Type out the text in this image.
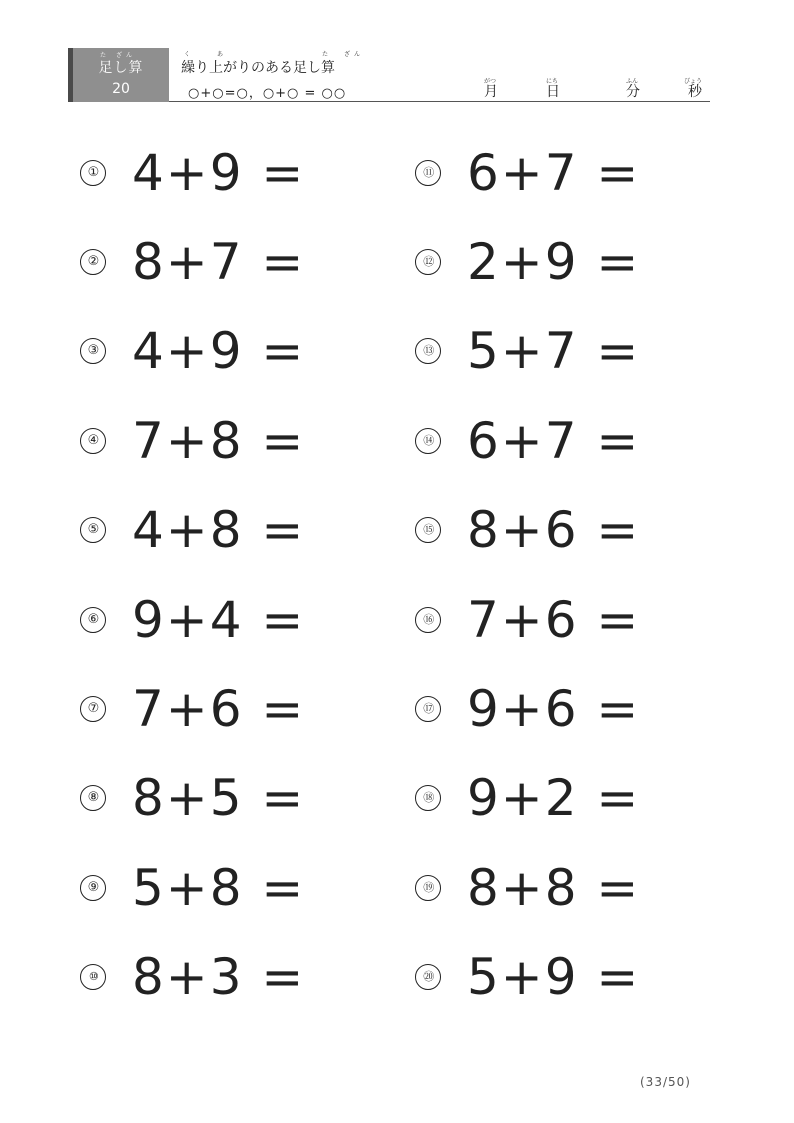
た ざん
足し算
20
く	あ	た ざん
繰り上がりのある足し算
○+○=○，○+○ = ○○
がつ
月
にち
日
ふん
分
びょう
秒
① 4+9 =
② 8+7 =
③ 4+9 =
④ 7+8 =
⑤ 4+8 =
⑥ 9+4 =
⑦ 7+6 =
⑧ 8+5 =
⑨ 5+8 =
⑩ 8+3 =
⑪ 6+7 =
⑫ 2+9 =
⑬ 5+7 =
⑭ 6+7 =
⑮ 8+6 =
⑯ 7+6 =
⑰ 9+6 =
⑱ 9+2 =
⑲ 8+8 =
⑳ 5+9 =
(33/50)
